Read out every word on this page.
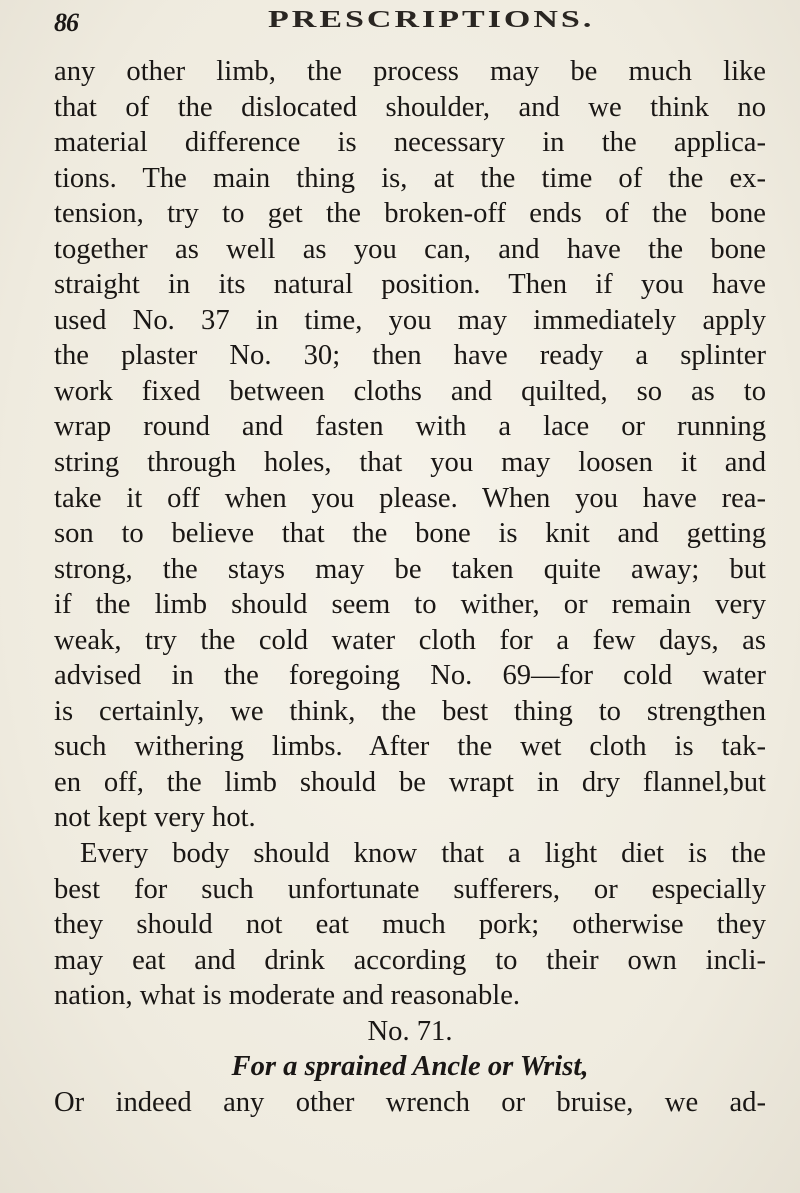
86	PRESCRIPTIONS.
any other limb, the process may be much like
that of the dislocated shoulder, and we think no
material difference is necessary in the applica-
tions. The main thing is, at the time of the ex-
tension, try to get the broken-off ends of the bone
together as well as you can, and have the bone
straight in its natural position. Then if you have
used No. 37 in time, you may immediately apply
the plaster No. 30; then have ready a splinter
work fixed between cloths and quilted, so as to
wrap round and fasten with a lace or running
string through holes, that you may loosen it and
take it off when you please. When you have rea-
son to believe that the bone is knit and getting
strong, the stays may be taken quite away; but
if the limb should seem to wither, or remain very
weak, try the cold water cloth for a few days, as
advised in the foregoing No. 69—for cold water
is certainly, we think, the best thing to strengthen
such withering limbs. After the wet cloth is tak-
en off, the limb should be wrapt in dry flannel,but
not kept very hot.
Every body should know that a light diet is the
best for such unfortunate sufferers, or especially
they should not eat much pork; otherwise they
may eat and drink according to their own incli-
nation, what is moderate and reasonable.
No. 71.
For a sprained Ancle or Wrist,
Or indeed any other wrench or bruise, we ad-
